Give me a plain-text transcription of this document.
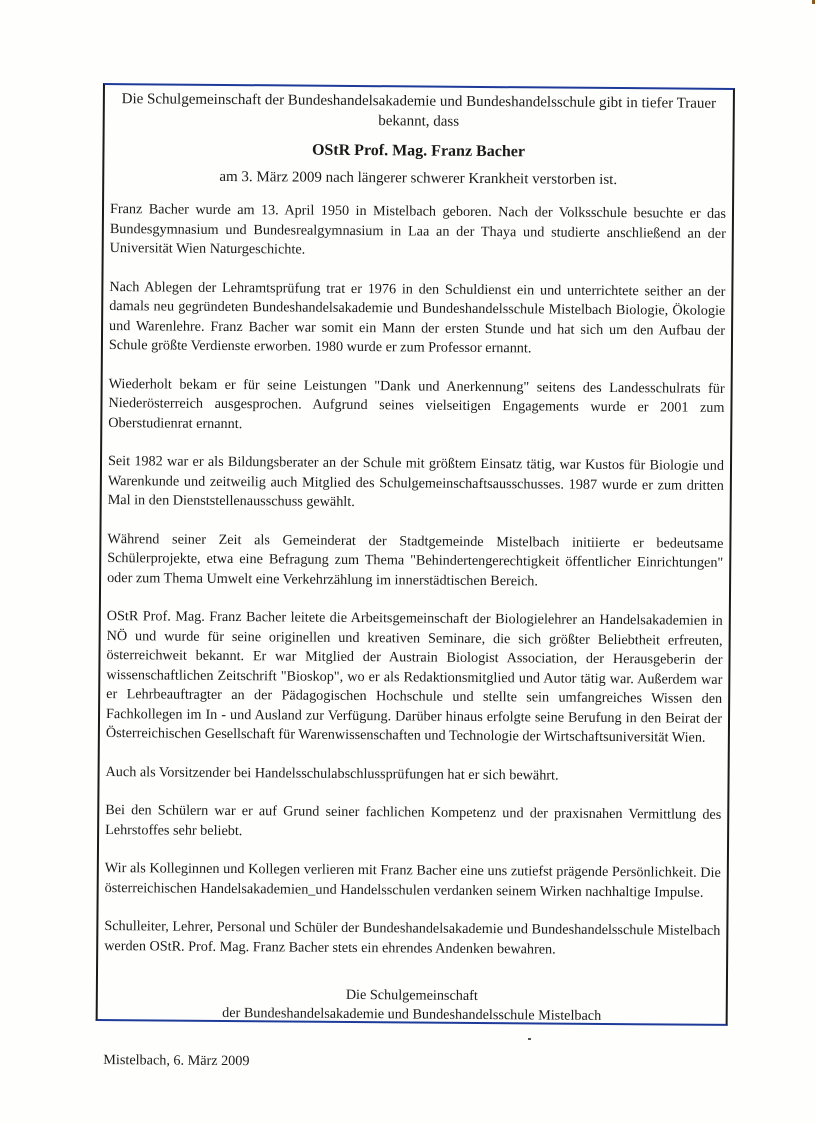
Die Schulgemeinschaft der Bundeshandelsakademie und Bundeshandelsschule gibt in tiefer Trauer bekannt, dass

OStR Prof. Mag. Franz Bacher

am 3. März 2009 nach längerer schwerer Krankheit verstorben ist.

Franz Bacher wurde am 13. April 1950 in Mistelbach geboren. Nach der Volksschule besuchte er das Bundesgymnasium und Bundesrealgymnasium in Laa an der Thaya und studierte anschließend an der Universität Wien Naturgeschichte.

Nach Ablegen der Lehramtsprüfung trat er 1976 in den Schuldienst ein und unterrichtete seither an der damals neu gegründeten Bundeshandelsakademie und Bundeshandelsschule Mistelbach Biologie, Ökologie und Warenlehre. Franz Bacher war somit ein Mann der ersten Stunde und hat sich um den Aufbau der Schule größte Verdienste erworben. 1980 wurde er zum Professor ernannt.

Wiederholt bekam er für seine Leistungen "Dank und Anerkennung" seitens des Landesschulrats für Niederösterreich ausgesprochen. Aufgrund seines vielseitigen Engagements wurde er 2001 zum Oberstudienrat ernannt.

Seit 1982 war er als Bildungsberater an der Schule mit größtem Einsatz tätig, war Kustos für Biologie und Warenkunde und zeitweilig auch Mitglied des Schulgemeinschaftsausschusses. 1987 wurde er zum dritten Mal in den Dienststellenausschuss gewählt.

Während seiner Zeit als Gemeinderat der Stadtgemeinde Mistelbach initiierte er bedeutsame Schülerprojekte, etwa eine Befragung zum Thema "Behindertengerechtigkeit öffentlicher Einrichtungen" oder zum Thema Umwelt eine Verkehrzählung im innerstädtischen Bereich.

OStR Prof. Mag. Franz Bacher leitete die Arbeitsgemeinschaft der Biologielehrer an Handelsakademien in NÖ und wurde für seine originellen und kreativen Seminare, die sich größter Beliebtheit erfreuten, österreichweit bekannt. Er war Mitglied der Austrain Biologist Association, der Herausgeberin der wissenschaftlichen Zeitschrift "Bioskop", wo er als Redaktionsmitglied und Autor tätig war. Außerdem war er Lehrbeauftragter an der Pädagogischen Hochschule und stellte sein umfangreiches Wissen den Fachkollegen im In - und Ausland zur Verfügung. Darüber hinaus erfolgte seine Berufung in den Beirat der Österreichischen Gesellschaft für Warenwissenschaften und Technologie der Wirtschaftsuniversität Wien.

Auch als Vorsitzender bei Handelsschulabschlussprüfungen hat er sich bewährt.

Bei den Schülern war er auf Grund seiner fachlichen Kompetenz und der praxisnahen Vermittlung des Lehrstoffes sehr beliebt.

Wir als Kolleginnen und Kollegen verlieren mit Franz Bacher eine uns zutiefst prägende Persönlichkeit. Die österreichischen Handelsakademien_und Handelsschulen verdanken seinem Wirken nachhaltige Impulse.

Schulleiter, Lehrer, Personal und Schüler der Bundeshandelsakademie und Bundeshandelsschule Mistelbach werden OStR. Prof. Mag. Franz Bacher stets ein ehrendes Andenken bewahren.

Die Schulgemeinschaft
der Bundeshandelsakademie und Bundeshandelsschule Mistelbach
Mistelbach, 6. März 2009
